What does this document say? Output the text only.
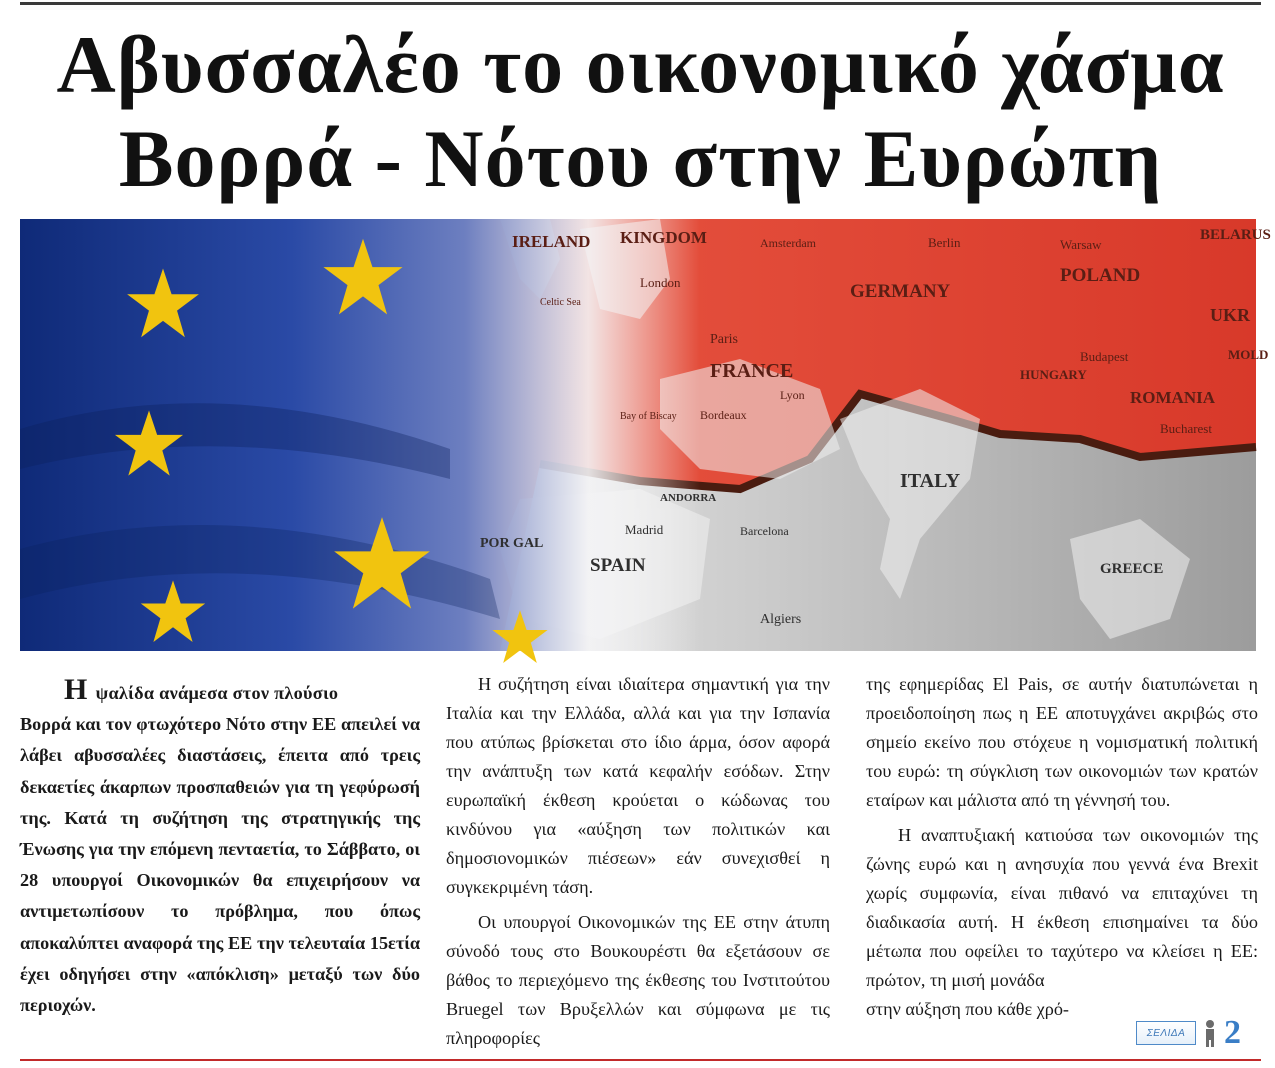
Αβυσσαλέο το οικονομικό χάσμα
Βορρά - Νότου στην Ευρώπη
IRELAND KINGDOM
London
Amsterdam	Berlin	Warsaw
BELARUS
GERMANY
POLAND
UKR
MOLD
Celtic Sea
Paris
FRANCE
Bay of Biscay Bordeaux
Lyon
HUNGARY
Budapest
ROMANIA
Bucharest
ITALY
SPAIN
Madrid
POR GAL
ANDORRA
Barcelona
Algiers
GREECE

Ηψαλίδα ανάμεσα στον πλούσιο

Βορρά και τον φτωχότερο Νότο στην ΕΕ απειλεί να λάβει αβυσσαλέες διαστάσεις, έπειτα από τρεις δεκαετίες άκαρπων προσπαθειών για τη γεφύρωσή της. Κατά τη συζήτηση της στρατηγικής της Ένωσης για την επόμενη πενταετία, το Σάββατο, οι 28 υπουργοί Οικονομικών θα επιχειρήσουν να αντιμετωπίσουν το πρόβλημα, που όπως αποκαλύπτει αναφορά της ΕΕ την τελευταία 15ετία έχει οδηγήσει στην «απόκλιση» μεταξύ των δύο περιοχών.

Η συζήτηση είναι ιδιαίτερα σημαντική για την Ιταλία και την Ελλάδα, αλλά και για την Ισπανία που ατύπως βρίσκεται στο ίδιο άρμα, όσον αφορά την ανάπτυξη των κατά κεφαλήν εσόδων. Στην ευρωπαϊκή έκθεση κρούεται ο κώδωνας του κινδύνου για «αύξηση των πολιτικών και δημοσιονομικών πιέσεων» εάν συνεχισθεί η συγκεκριμένη τάση.

Οι υπουργοί Οικονομικών της ΕΕ στην άτυπη σύνοδό τους στο Βουκουρέστι θα εξετάσουν σε βάθος το περιεχόμενο της έκθεσης του Ινστιτούτου Bruegel των Βρυξελλών και σύμφωνα με τις πληροφορίες

της εφημερίδας El Pais, σε αυτήν διατυπώνεται η προειδοποίηση πως η ΕΕ αποτυγχάνει ακριβώς στο σημείο εκείνο που στόχευε η νομισματική πολιτική του ευρώ: τη σύγκλιση των οικονομιών των κρατών εταίρων και μάλιστα από τη γέννησή του.

Η αναπτυξιακή κατιούσα των οικονομιών της ζώνης ευρώ και η ανησυχία που γεννά ένα Brexit χωρίς συμφωνία, είναι πιθανό να επιταχύνει τη διαδικασία αυτή. Η έκθεση επισημαίνει τα δύο μέτωπα που οφείλει το ταχύτερο να κλείσει η ΕΕ: πρώτον, τη μισή μονάδα

στην αύξηση που κάθε χρό-

ΣΕΛΙΔΑ	2
